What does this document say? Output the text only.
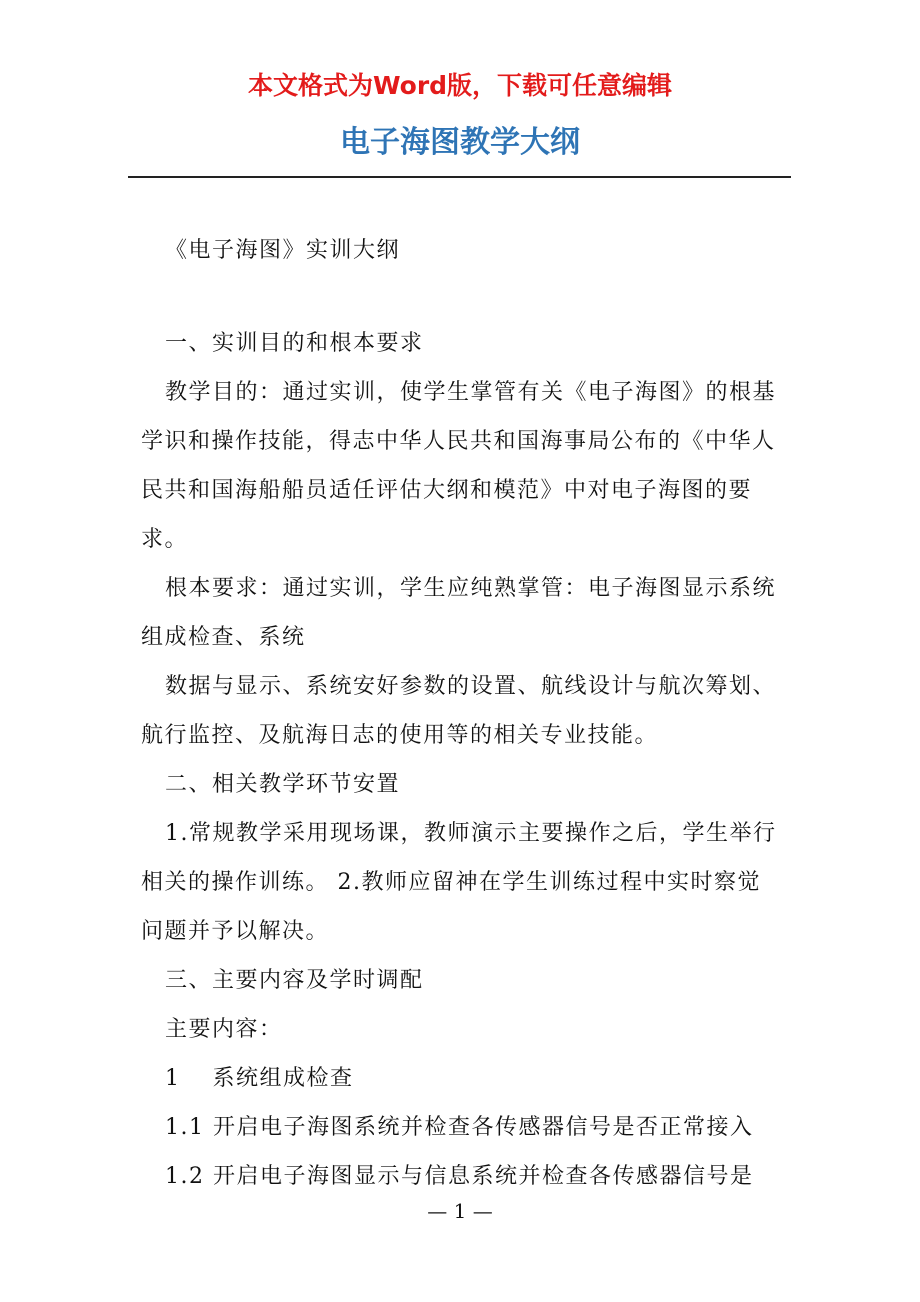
本文格式为Word版，下载可任意编辑
电子海图教学大纲

《电子海图》实训大纲

一、实训目的和根本要求

教学目的：通过实训，使学生掌管有关《电子海图》的根基学识和操作技能，得志中华人民共和国海事局公布的《中华人民共和国海船船员适任评估大纲和模范》中对电子海图的要求。

根本要求：通过实训，学生应纯熟掌管：电子海图显示系统组成检查、系统

数据与显示、系统安好参数的设置、航线设计与航次筹划、航行监控、及航海日志的使用等的相关专业技能。

二、相关教学环节安置

1.常规教学采用现场课，教师演示主要操作之后，学生举行相关的操作训练。 2.教师应留神在学生训练过程中实时察觉问题并予以解决。

三、主要内容及学时调配

主要内容：

1　 系统组成检查

1.1 开启电子海图系统并检查各传感器信号是否正常接入

1.2 开启电子海图显示与信息系统并检查各传感器信号是

— 1 —
